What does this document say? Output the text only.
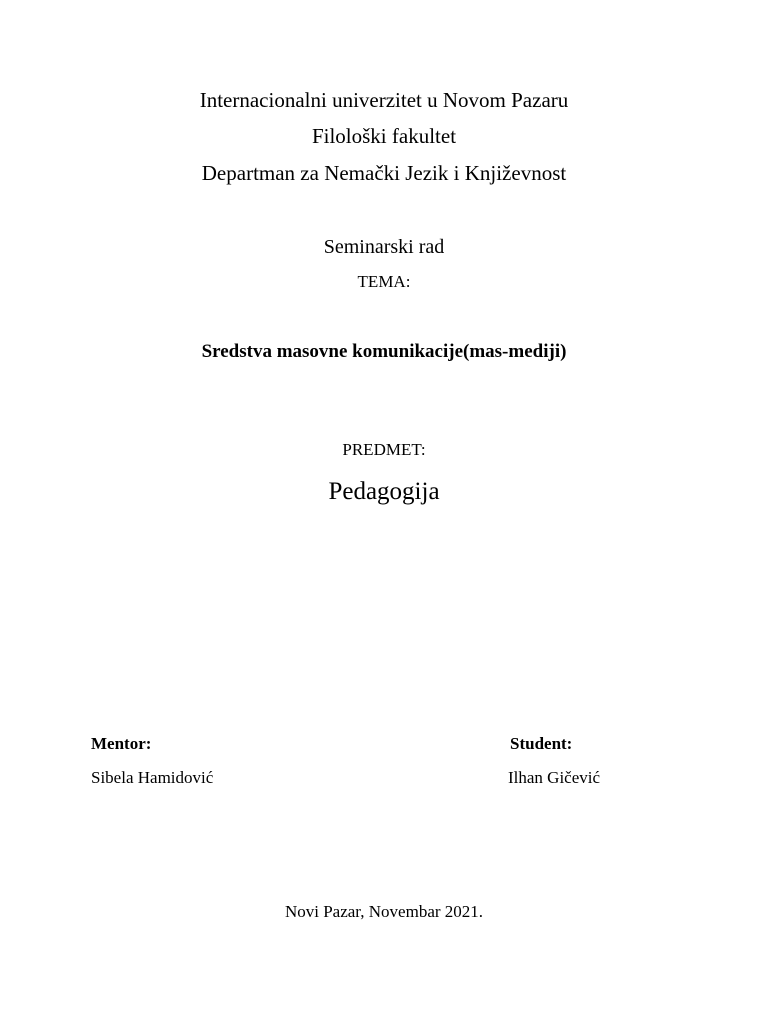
Internacionalni univerzitet u Novom Pazaru
Filološki fakultet
Departman za Nemački Jezik i Književnost
Seminarski rad
TEMA:
Sredstva masovne komunikacije(mas-mediji)
PREDMET:
Pedagogija
Mentor:
Sibela Hamidović
Student:
Ilhan Gičević
Novi Pazar, Novembar 2021.
